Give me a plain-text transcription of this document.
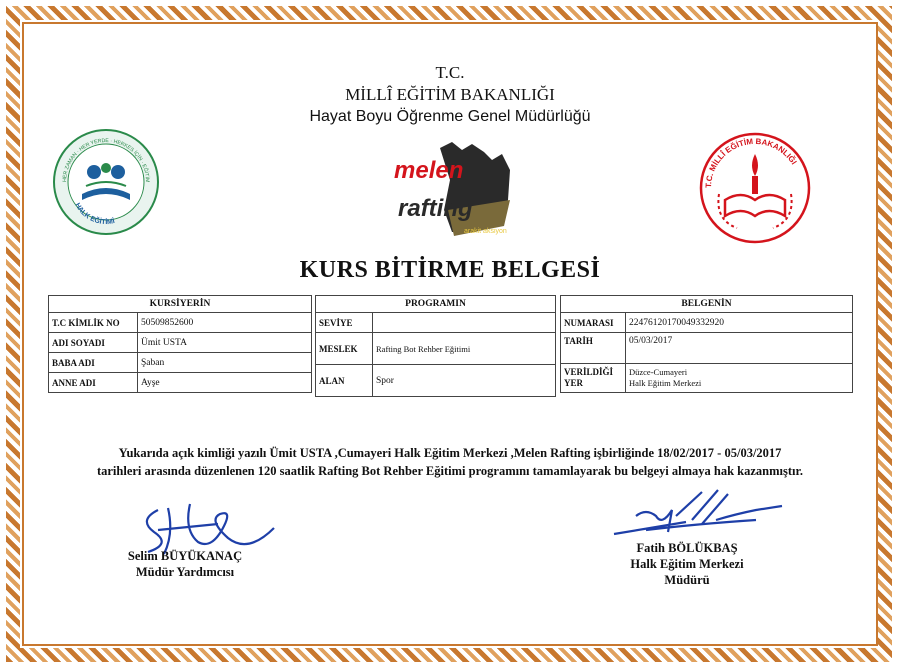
T.C.
MİLLÎ EĞİTİM BAKANLIĞI
Hayat Boyu Öğrenme Genel Müdürlüğü
HER ZAMAN · HER YERDE · HERKES İÇİN · EĞİTİM
HALK EĞİTİMİ
melen
rafting
arakit aksiyon
T.C. MİLLÎ EĞİTİM BAKANLIĞI
KURS BİTİRME BELGESİ
KURSİYERİN	
T.C KİMLİK NO	50509852600
ADI SOYADI	Ümit USTA
BABA ADI	Şaban
ANNE ADI	Ayşe
PROGRAMIN	
SEVİYE	
MESLEK	Rafting Bot Rehber Eğitimi
ALAN	Spor
BELGENİN	
NUMARASI	22476120170049332920
TARİH	05/03/2017
VERİLDİĞİ YER	Düzce-Cumayeri
Halk Eğitim Merkezi
Yukarıda açık kimliği yazılı Ümit USTA ,Cumayeri Halk Eğitim Merkezi ,Melen Rafting işbirliğinde 18/02/2017 - 05/03/2017
tarihleri arasında düzenlenen 120 saatlik Rafting Bot Rehber Eğitimi programını tamamlayarak bu belgeyi almaya hak kazanmıştır.
Selim BÜYÜKANAÇ
Müdür Yardımcısı
Fatih BÖLÜKBAŞ
Halk Eğitim Merkezi
Müdürü
